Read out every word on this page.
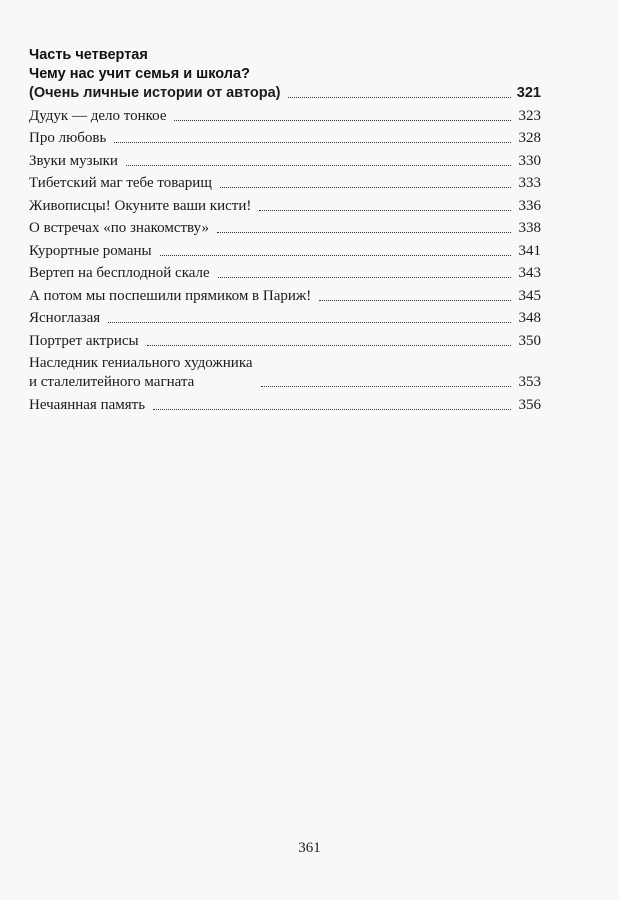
Часть четвертая
Чему нас учит семья и школа?
(Очень личные истории от автора)	321
Дудук — дело тонкое	323
Про любовь	328
Звуки музыки	330
Тибетский маг тебе товарищ	333
Живописцы! Окуните ваши кисти!	336
О встречах «по знакомству»	338
Курортные романы	341
Вертеп на бесплодной скале	343
А потом мы поспешили прямиком в Париж!	345
Ясноглазая	348
Портрет актрисы	350
Наследник гениального художника
и сталелитейного магната	353
Нечаянная память	356
361
